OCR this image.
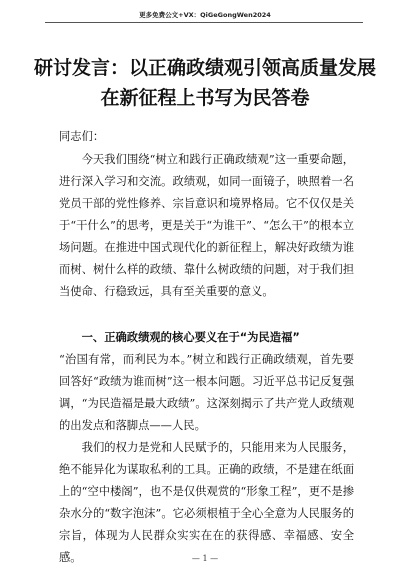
更多免费公文+VX：QiGeGongWen2024
研讨发言：以正确政绩观引领高质量发展
在新征程上书写为民答卷
同志们：
今天我们围绕“树立和践行正确政绩观”这一重要命题，进行深入学习和交流。政绩观，如同一面镜子，映照着一名党员干部的党性修养、宗旨意识和境界格局。它不仅仅是关于“干什么”的思考，更是关于“为谁干”、“怎么干”的根本立场问题。在推进中国式现代化的新征程上，解决好政绩为谁而树、树什么样的政绩、靠什么树政绩的问题，对于我们担当使命、行稳致远，具有至关重要的意义。
一、正确政绩观的核心要义在于“为民造福”
“治国有常，而利民为本。”树立和践行正确政绩观，首先要回答好“政绩为谁而树”这一根本问题。习近平总书记反复强调，“为民造福是最大政绩”。这深刻揭示了共产党人政绩观的出发点和落脚点——人民。
我们的权力是党和人民赋予的，只能用来为人民服务，绝不能异化为谋取私利的工具。正确的政绩，不是建在纸面上的“空中楼阁”，也不是仅供观赏的“形象工程”，更不是掺杂水分的“数字泡沫”。它必须根植于全心全意为人民服务的宗旨，体现为人民群众实实在在的获得感、幸福感、安全感。	— 1 —
